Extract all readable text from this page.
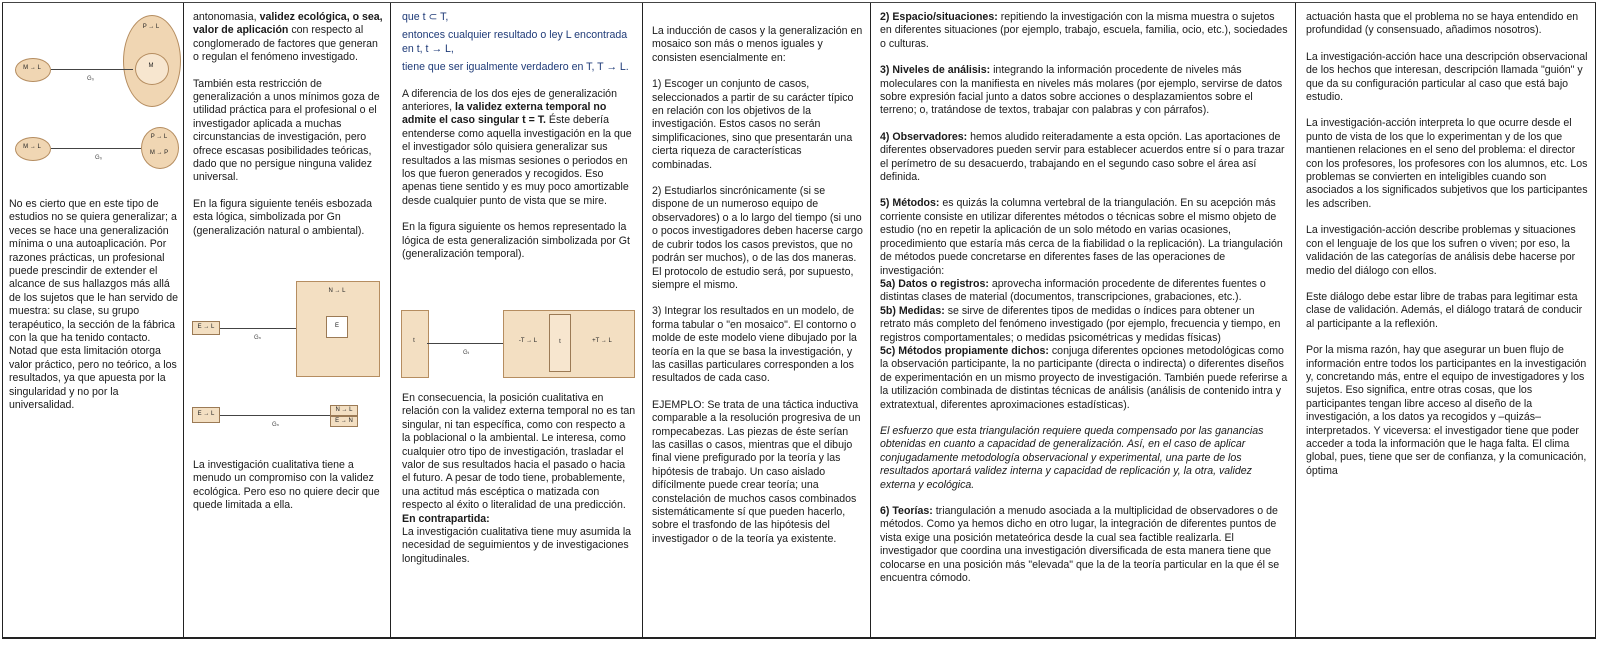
P → L
M
M → L
G₀
M → L
G₀
P → L
M → P

No es cierto que en este tipo de estudios no se quiera generalizar; a veces se hace una generalización mínima o una autoaplicación. Por razones prácticas, un profesional puede prescindir de extender el alcance de sus hallazgos más allá de los sujetos que le han servido de muestra: su clase, su grupo terapéutico, la sección de la fábrica con la que ha tenido contacto. Notad que esta limitación otorga valor práctico, pero no teórico, a los resultados, ya que apuesta por la singularidad y no por la universalidad.

antonomasia, validez ecológica, o sea, valor de aplicación con respecto al conglomerado de factores que generan o regulan el fenómeno investigado.

También esta restricción de generalización a unos mínimos goza de utilidad práctica para el profesional o el investigador aplicada a muchas circunstancias de investigación, pero ofrece escasas posibilidades teóricas, dado que no persigue ninguna validez universal.

En la figura siguiente tenéis esbozada esta lógica, simbolizada por Gn (generalización natural o ambiental).

E → L
Gₙ
N → L
E
E → L
Gₙ
N → L
E → N

La investigación cualitativa tiene a menudo un compromiso con la validez ecológica. Pero eso no quiere decir que quede limitada a ella.

que t ⊂ T,

entonces cualquier resultado o ley L encontrada en t, t → L,

tiene que ser igualmente verdadero en T, T → L.

A diferencia de los dos ejes de generalización anteriores, la validez externa temporal no admite el caso singular t = T. Éste debería entenderse como aquella investigación en la que el investigador sólo quisiera generalizar sus resultados a las mismas sesiones o periodos en los que fueron generados y recogidos. Eso apenas tiene sentido y es muy poco amortizable desde cualquier punto de vista que se mire.

En la figura siguiente os hemos representado la lógica de esta generalización simbolizada por Gt (generalización temporal).

t
Gₜ
-T → L	t	+T → L

En consecuencia, la posición cualitativa en relación con la validez externa temporal no es tan singular, ni tan específica, como con respecto a la poblacional o la ambiental. Le interesa, como cualquier otro tipo de investigación, trasladar el valor de sus resultados hacia el pasado o hacia el futuro. A pesar de todo tiene, probablemente, una actitud más escéptica o matizada con respecto al éxito o literalidad de una predicción. En contrapartida:

La investigación cualitativa tiene muy asumida la necesidad de seguimientos y de investigaciones longitudinales.

La inducción de casos y la generalización en mosaico son más o menos iguales y consisten esencialmente en:

1) Escoger un conjunto de casos, seleccionados a partir de su carácter típico en relación con los objetivos de la investigación. Estos casos no serán simplificaciones, sino que presentarán una cierta riqueza de características combinadas.

2) Estudiarlos sincrónicamente (si se dispone de un numeroso equipo de observadores) o a lo largo del tiempo (si uno o pocos investigadores deben hacerse cargo de cubrir todos los casos previstos, que no podrán ser muchos), o de las dos maneras. El protocolo de estudio será, por supuesto, siempre el mismo.

3) Integrar los resultados en un modelo, de forma tabular o "en mosaico". El contorno o molde de este modelo viene dibujado por la teoría en la que se basa la investigación, y las casillas particulares corresponden a los resultados de cada caso.

EJEMPLO: Se trata de una táctica inductiva comparable a la resolución progresiva de un rompecabezas. Las piezas de éste serían las casillas o casos, mientras que el dibujo final viene prefigurado por la teoría y las hipótesis de trabajo. Un caso aislado difícilmente puede crear teoría; una constelación de muchos casos combinados sistemáticamente sí que pueden hacerlo, sobre el trasfondo de las hipótesis del investigador o de la teoría ya existente.

2) Espacio/situaciones: repitiendo la investigación con la misma muestra o sujetos en diferentes situaciones (por ejemplo, trabajo, escuela, familia, ocio, etc.), sociedades o culturas.

3) Niveles de análisis: integrando la información procedente de niveles más moleculares con la manifiesta en niveles más molares (por ejemplo, servirse de datos sobre expresión facial junto a datos sobre acciones o desplazamientos sobre el terreno; o, tratándose de textos, trabajar con palabras y con párrafos).

4) Observadores: hemos aludido reiteradamente a esta opción. Las aportaciones de diferentes observadores pueden servir para establecer acuerdos entre sí o para trazar el perímetro de su desacuerdo, trabajando en el segundo caso sobre el área así definida.

5) Métodos: es quizás la columna vertebral de la triangulación. En su acepción más corriente consiste en utilizar diferentes métodos o técnicas sobre el mismo objeto de estudio (no en repetir la aplicación de un solo método en varias ocasiones, procedimiento que estaría más cerca de la fiabilidad o la replicación). La triangulación de métodos puede concretarse en diferentes fases de las operaciones de investigación:

5a) Datos o registros: aprovecha información procedente de diferentes fuentes o distintas clases de material (documentos, transcripciones, grabaciones, etc.).

5b) Medidas: se sirve de diferentes tipos de medidas o índices para obtener un retrato más completo del fenómeno investigado (por ejemplo, frecuencia y tiempo, en registros comportamentales; o medidas psicométricas y medidas físicas)

5c) Métodos propiamente dichos: conjuga diferentes opciones metodológicas como la observación participante, la no participante (directa o indirecta) o diferentes diseños de experimentación en un mismo proyecto de investigación. También puede referirse a la utilización combinada de distintas técnicas de análisis (análisis de contenido intra y extratextual, diferentes aproximaciones estadísticas).

El esfuerzo que esta triangulación requiere queda compensado por las ganancias obtenidas en cuanto a capacidad de generalización. Así, en el caso de aplicar conjugadamente metodología observacional y experimental, una parte de los resultados aportará validez interna y capacidad de replicación y, la otra, validez externa y ecológica.

6) Teorías: triangulación a menudo asociada a la multiplicidad de observadores o de métodos. Como ya hemos dicho en otro lugar, la integración de diferentes puntos de vista exige una posición metateórica desde la cual sea factible realizarla. El investigador que coordina una investigación diversificada de esta manera tiene que colocarse en una posición más "elevada" que la de la teoría particular en la que él se encuentra cómodo.

actuación hasta que el problema no se haya entendido en profundidad (y consensuado, añadimos nosotros).

La investigación-acción hace una descripción observacional de los hechos que interesan, descripción llamada "guión" y que da su configuración particular al caso que está bajo estudio.

La investigación-acción interpreta lo que ocurre desde el punto de vista de los que lo experimentan y de los que mantienen relaciones en el seno del problema: el director con los profesores, los profesores con los alumnos, etc. Los problemas se convierten en inteligibles cuando son asociados a los significados subjetivos que los participantes les adscriben.

La investigación-acción describe problemas y situaciones con el lenguaje de los que los sufren o viven; por eso, la validación de las categorías de análisis debe hacerse por medio del diálogo con ellos.

Este diálogo debe estar libre de trabas para legitimar esta clase de validación. Además, el diálogo tratará de conducir al participante a la reflexión.

Por la misma razón, hay que asegurar un buen flujo de información entre todos los participantes en la investigación y, concretando más, entre el equipo de investigadores y los sujetos. Eso significa, entre otras cosas, que los participantes tengan libre acceso al diseño de la investigación, a los datos ya recogidos y –quizás– interpretados. Y viceversa: el investigador tiene que poder acceder a toda la información que le haga falta. El clima global, pues, tiene que ser de confianza, y la comunicación, óptima
